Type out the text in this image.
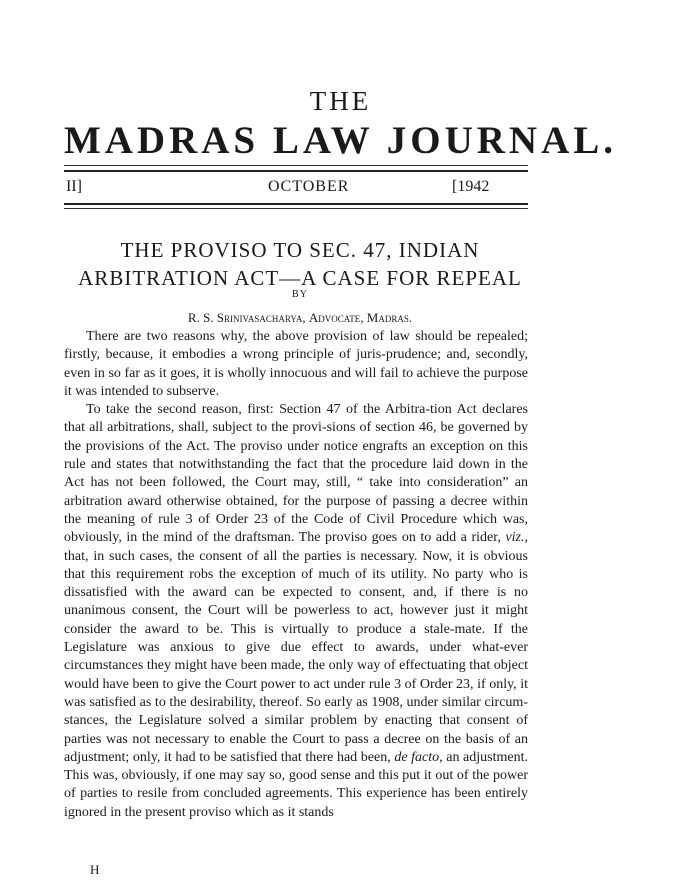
THE
MADRAS LAW JOURNAL.
II]	OCTOBER	[1942
THE PROVISO TO SEC. 47, INDIAN
ARBITRATION ACT—A CASE FOR REPEAL
BY
R. S. Srinivasacharya, Advocate, Madras.

There are two reasons why, the above provision of law should be repealed; firstly, because, it embodies a wrong principle of juris-prudence; and, secondly, even in so far as it goes, it is wholly innocuous and will fail to achieve the purpose it was intended to subserve.

To take the second reason, first: Section 47 of the Arbitra-tion Act declares that all arbitrations, shall, subject to the provi-sions of section 46, be governed by the provisions of the Act. The proviso under notice engrafts an exception on this rule and states that notwithstanding the fact that the procedure laid down in the Act has not been followed, the Court may, still, “ take into consideration” an arbitration award otherwise obtained, for the purpose of passing a decree within the meaning of rule 3 of Order 23 of the Code of Civil Procedure which was, obviously, in the mind of the draftsman. The proviso goes on to add a rider, viz., that, in such cases, the consent of all the parties is necessary. Now, it is obvious that this requirement robs the exception of much of its utility. No party who is dissatisfied with the award can be expected to consent, and, if there is no unanimous consent, the Court will be powerless to act, however just it might consider the award to be. This is virtually to produce a stale-mate. If the Legislature was anxious to give due effect to awards, under what-ever circumstances they might have been made, the only way of effectuating that object would have been to give the Court power to act under rule 3 of Order 23, if only, it was satisfied as to the desirability, thereof. So early as 1908, under similar circum-stances, the Legislature solved a similar problem by enacting that consent of parties was not necessary to enable the Court to pass a decree on the basis of an adjustment; only, it had to be satisfied that there had been, de facto, an adjustment. This was, obviously, if one may say so, good sense and this put it out of the power of parties to resile from concluded agreements. This experience has been entirely ignored in the present proviso which as it stands

H
